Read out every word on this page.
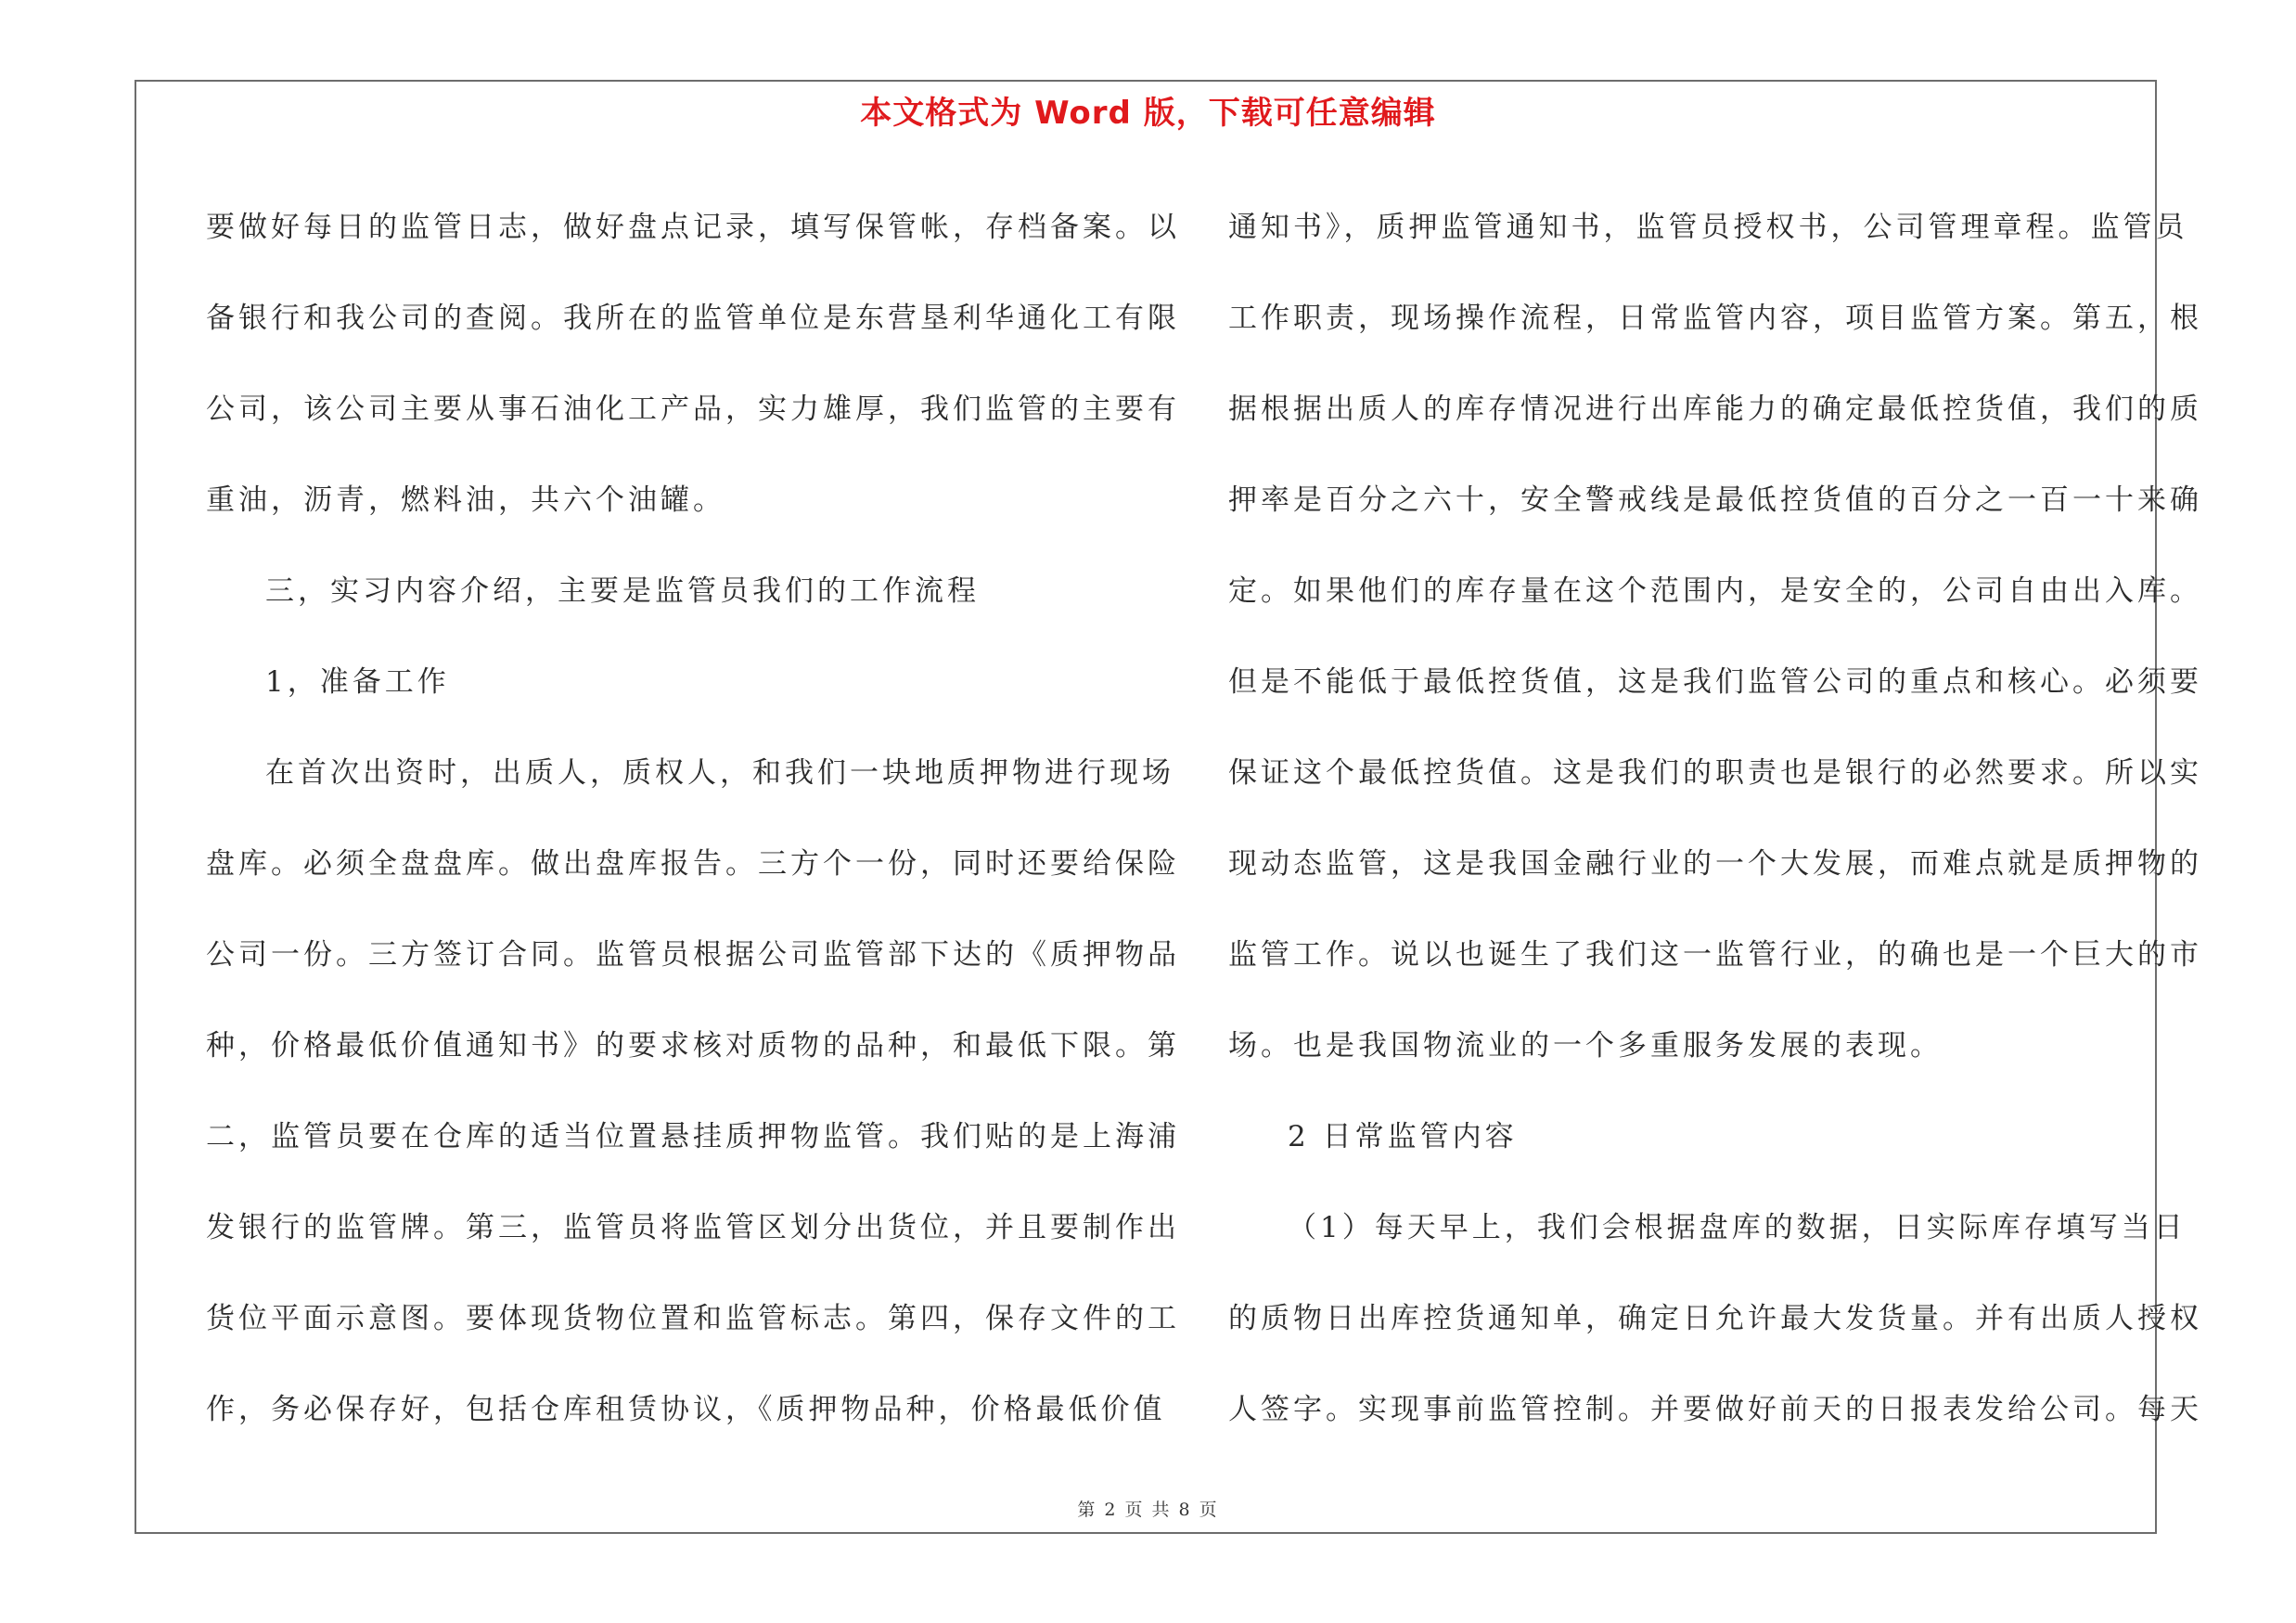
本文格式为 Word 版，下载可任意编辑
要做好每日的监管日志，做好盘点记录，填写保管帐，存档备案。以
备银行和我公司的查阅。我所在的监管单位是东营垦利华通化工有限
公司，该公司主要从事石油化工产品，实力雄厚，我们监管的主要有
重油，沥青，燃料油，共六个油罐。
三，实习内容介绍，主要是监管员我们的工作流程
1，准备工作
在首次出资时，出质人，质权人，和我们一块地质押物进行现场
盘库。必须全盘盘库。做出盘库报告。三方个一份，同时还要给保险
公司一份。三方签订合同。监管员根据公司监管部下达的《质押物品
种，价格最低价值通知书》的要求核对质物的品种，和最低下限。第
二，监管员要在仓库的适当位置悬挂质押物监管。我们贴的是上海浦
发银行的监管牌。第三，监管员将监管区划分出货位，并且要制作出
货位平面示意图。要体现货物位置和监管标志。第四，保存文件的工
作，务必保存好，包括仓库租赁协议，《质押物品种，价格最低价值
通知书》，质押监管通知书，监管员授权书，公司管理章程。监管员
工作职责，现场操作流程，日常监管内容，项目监管方案。第五，根
据根据出质人的库存情况进行出库能力的确定最低控货值，我们的质
押率是百分之六十，安全警戒线是最低控货值的百分之一百一十来确
定。如果他们的库存量在这个范围内，是安全的，公司自由出入库。
但是不能低于最低控货值，这是我们监管公司的重点和核心。必须要
保证这个最低控货值。这是我们的职责也是银行的必然要求。所以实
现动态监管，这是我国金融行业的一个大发展，而难点就是质押物的
监管工作。说以也诞生了我们这一监管行业，的确也是一个巨大的市
场。也是我国物流业的一个多重服务发展的表现。
2 日常监管内容
（1）每天早上，我们会根据盘库的数据，日实际库存填写当日
的质物日出库控货通知单，确定日允许最大发货量。并有出质人授权
人签字。实现事前监管控制。并要做好前天的日报表发给公司。每天
第 2 页 共 8 页
